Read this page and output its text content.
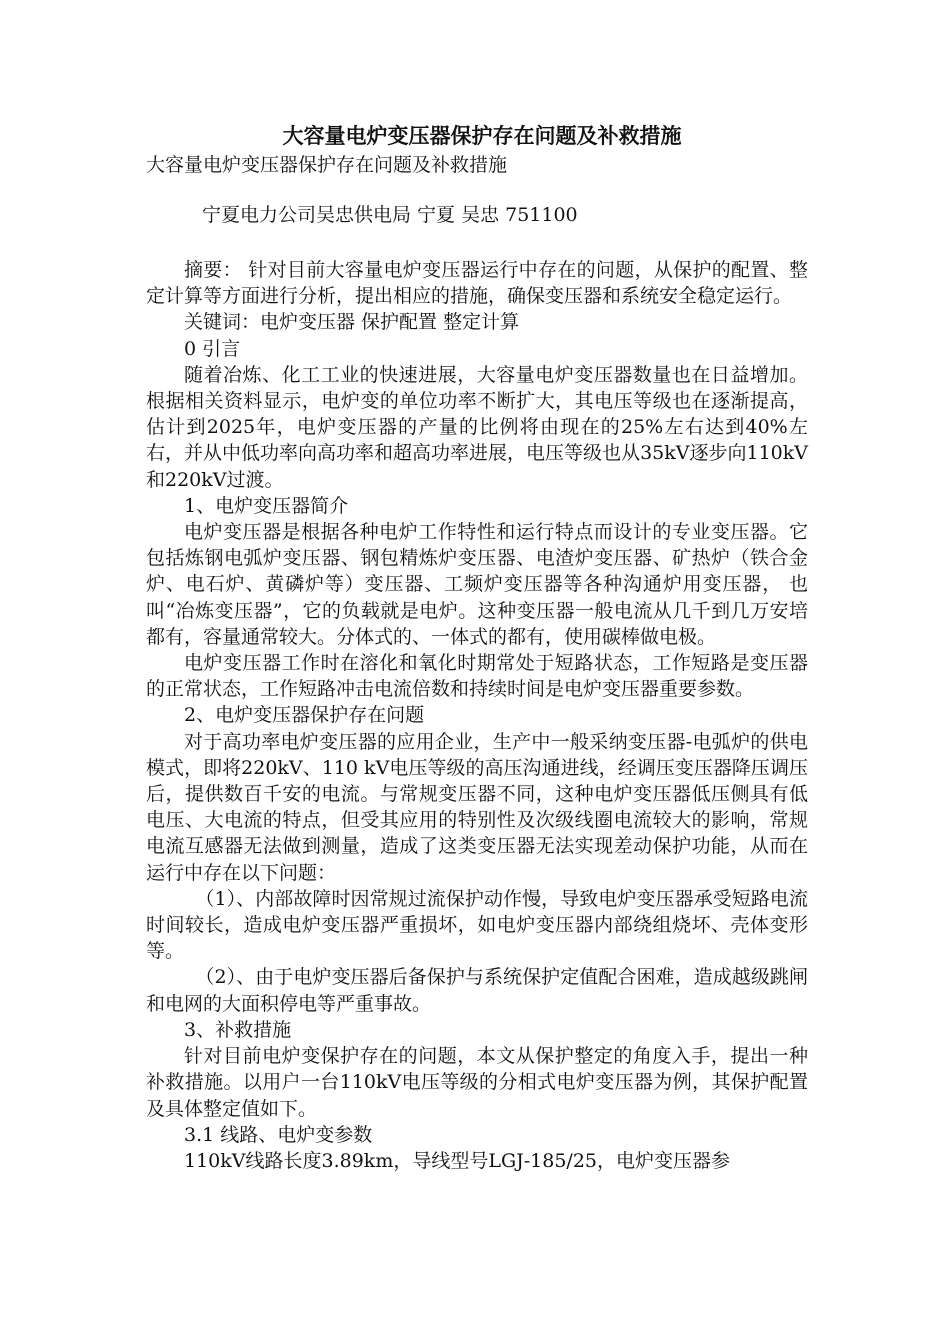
大容量电炉变压器保护存在问题及补救措施

大容量电炉变压器保护存在问题及补救措施

宁夏电力公司吴忠供电局 宁夏 吴忠 751100

摘要： 针对目前大容量电炉变压器运行中存在的问题，从保护的配置、整定计算等方面进行分析，提出相应的措施，确保变压器和系统安全稳定运行。

关键词：电炉变压器 保护配置 整定计算

0 引言

随着冶炼、化工工业的快速进展，大容量电炉变压器数量也在日益增加。根据相关资料显示，电炉变的单位功率不断扩大，其电压等级也在逐渐提高，估计到2025年，电炉变压器的产量的比例将由现在的25%左右达到40%左右，并从中低功率向高功率和超高功率进展，电压等级也从35kV逐步向110kV和220kV过渡。

1、电炉变压器简介

电炉变压器是根据各种电炉工作特性和运行特点而设计的专业变压器。它包括炼钢电弧炉变压器、钢包精炼炉变压器、电渣炉变压器、矿热炉（铁合金炉、电石炉、黄磷炉等）变压器、工频炉变压器等各种沟通炉用变压器， 也叫“冶炼变压器”，它的负载就是电炉。这种变压器一般电流从几千到几万安培都有，容量通常较大。分体式的、一体式的都有，使用碳棒做电极。

电炉变压器工作时在溶化和氧化时期常处于短路状态，工作短路是变压器的正常状态，工作短路冲击电流倍数和持续时间是电炉变压器重要参数。

2、电炉变压器保护存在问题

对于高功率电炉变压器的应用企业，生产中一般采纳变压器-电弧炉的供电模式，即将220kV、110 kV电压等级的高压沟通进线，经调压变压器降压调压后，提供数百千安的电流。与常规变压器不同，这种电炉变压器低压侧具有低电压、大电流的特点，但受其应用的特别性及次级线圈电流较大的影响，常规电流互感器无法做到测量，造成了这类变压器无法实现差动保护功能，从而在运行中存在以下问题：

（1）、内部故障时因常规过流保护动作慢，导致电炉变压器承受短路电流时间较长，造成电炉变压器严重损坏，如电炉变压器内部绕组烧坏、壳体变形等。

（2）、由于电炉变压器后备保护与系统保护定值配合困难，造成越级跳闸和电网的大面积停电等严重事故。

3、补救措施

针对目前电炉变保护存在的问题，本文从保护整定的角度入手，提出一种补救措施。以用户一台110kV电压等级的分相式电炉变压器为例，其保护配置及具体整定值如下。

3.1 线路、电炉变参数

110kV线路长度3.89km，导线型号LGJ-185/25，电炉变压器参
